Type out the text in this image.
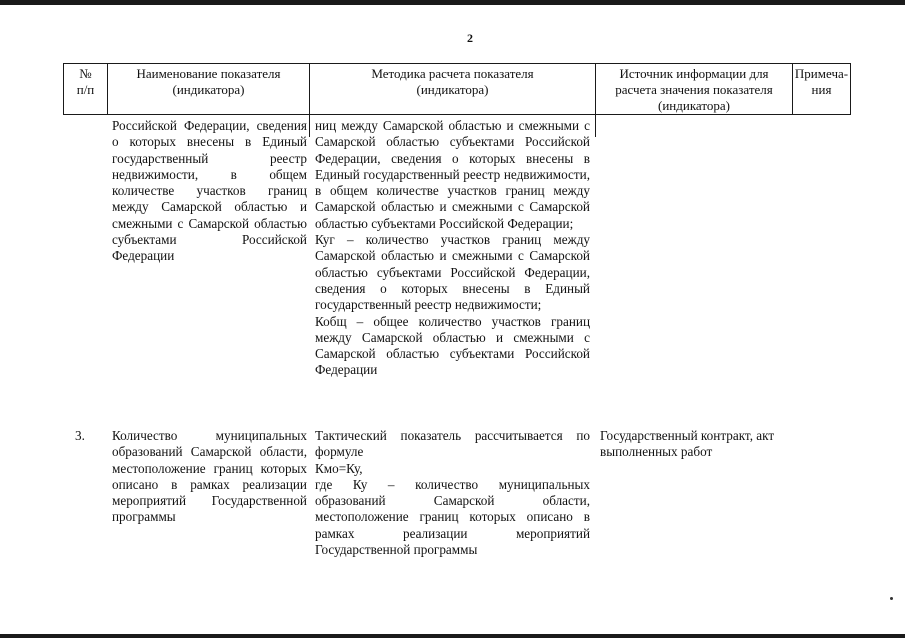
2
№
п/п
Наименование показателя
(индикатора)
Методика расчета показателя
(индикатора)
Источник информации для
расчета значения показателя
(индикатора)
Примеча-
ния
Российской Федерации, сведения о которых внесены в Единый государственный реестр недвижимости, в общем количестве участков границ между Самарской областью и смежными с Самарской областью субъектами Российской Федерации
ниц между Самарской областью и смежными с Самарской областью субъектами Российской Федерации, сведения о которых внесены в Единый государственный реестр недвижимости, в общем количестве участков границ между Самарской областью и смежными с Самарской областью субъектами Российской Федерации;
Куг – количество участков границ между Самарской областью и смежными с Самарской областью субъектами Российской Федерации, сведения о которых внесены в Единый государственный реестр недвижимости;
Кобщ – общее количество участков границ между Самарской областью и смежными с Самарской областью субъектами Российской Федерации
3.	Количество муниципальных образований Самарской области, местоположение границ которых описано в рамках реализации мероприятий Государственной программы
Тактический показатель рассчитывается по формуле
Кмо=Ку,
где Ку – количество муниципальных образований Самарской области, местоположение границ которых описано в рамках реализации мероприятий Государственной программы
Государственный контракт, акт выполненных работ
